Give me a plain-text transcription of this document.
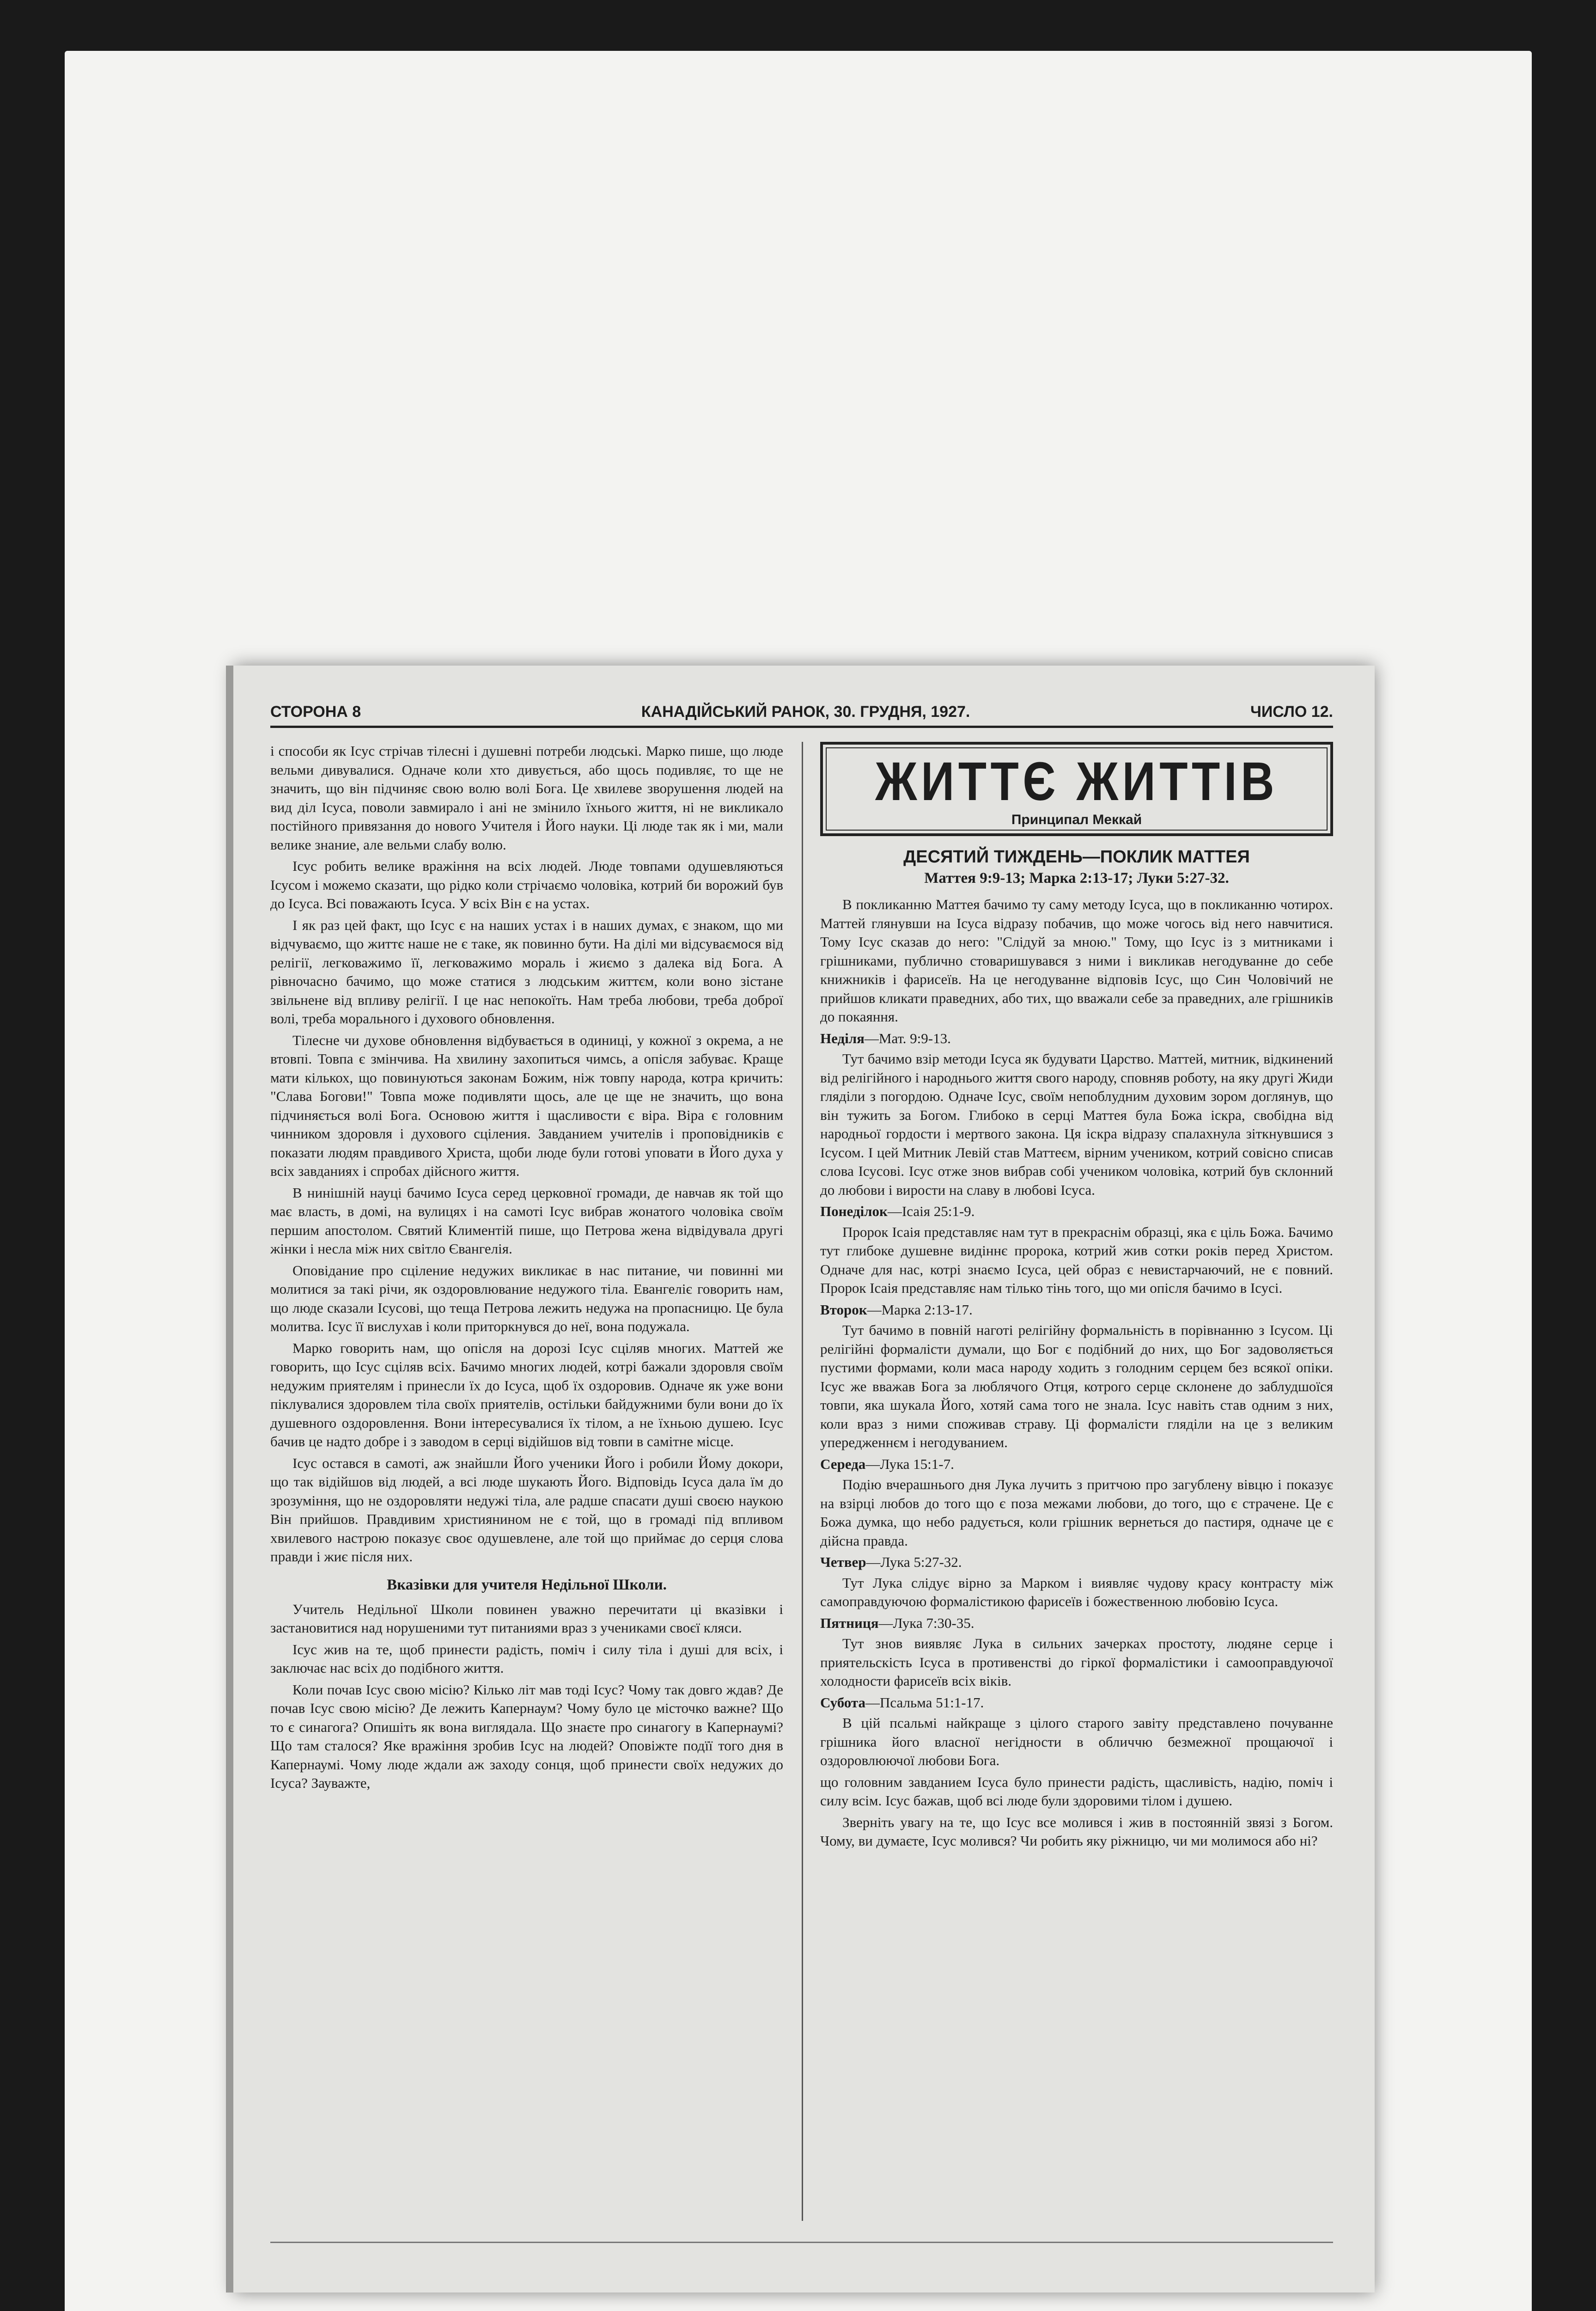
СТОРОНА 8	КАНАДІЙСЬКИЙ РАНОК, 30. ГРУДНЯ, 1927.	ЧИСЛО 12.

і способи як Ісус стрічав тілесні і душевні потреби людські. Марко пише, що люде вельми дивувалися. Одначе коли хто дивується, або щось подивляє, то ще не значить, що він підчиняє свою волю волі Бога. Це хвилеве зворушення людей на вид діл Ісуса, поволи завмирало і ані не змінило їхнього життя, ні не викликало постійного привязання до нового Учителя і Його науки. Ці люде так як і ми, мали велике знание, але вельми слабу волю.

Ісус робить велике вражіння на всіх людей. Люде товпами одушевляються Ісусом і можемо сказати, що рідко коли стрічаємо чоловіка, котрий би ворожий був до Ісуса. Всі поважають Ісуса. У всіх Він є на устах.

І як раз цей факт, що Ісус є на наших устах і в наших думах, є знаком, що ми відчуваємо, що життє наше не є таке, як повинно бути. На ділі ми відсуваємося від релігії, легковажимо її, легковажимо мораль і жиємо з далека від Бога. А рівночасно бачимо, що може статися з людським життєм, коли воно зістане звільнене від впливу релігії. І це нас непокоїть. Нам треба любови, треба доброї волі, треба морального і духового обновлення.

Тілесне чи духове обновлення відбувається в одиниці, у кожної з окрема, а не втовпі. Товпа є змінчива. На хвилину захопиться чимсь, а опісля забуває. Краще мати кількох, що повинуються законам Божим, ніж товпу народа, котра кричить: "Слава Богови!" Товпа може подивляти щось, але це ще не значить, що вона підчиняється волі Бога. Основою життя і щасливости є віра. Віра є головним чинником здоровля і духового сціления. Завданием учителів і проповідників є показати людям правдивого Христа, щоби люде були готові уповати в Його духа у всіх завданиях і спробах дійсного життя.

В нинішній науці бачимо Ісуса серед церковної громади, де навчав як той що має власть, в домі, на вулицях і на самоті Ісус вибрав жонатого чоловіка своїм першим апостолом. Святий Климентій пише, що Петрова жена відвідувала другі жінки і несла між них світло Євангелія.

Оповідание про сціление недужих викликає в нас питание, чи повинні ми молитися за такі річи, як оздоровлювание недужого тіла. Евангеліє говорить нам, що люде сказали Ісусові, що теща Петрова лежить недужа на пропасницю. Це була молитва. Ісус її вислухав і коли приторкнувся до неї, вона подужала.

Марко говорить нам, що опісля на дорозі Ісус сціляв многих. Маттей же говорить, що Ісус сціляв всіх. Бачимо многих людей, котрі бажали здоровля своїм недужим приятелям і принесли їх до Ісуса, щоб їх оздоровив. Одначе як уже вони піклувалися здоровлем тіла своїх приятелів, остільки байдужними були вони до їх душевного оздоровлення. Вони інтересувалися їх тілом, а не їхньою душею. Ісус бачив це надто добре і з заводом в серці відійшов від товпи в самітне місце.

Ісус остався в самоті, аж знайшли Його ученики Його і робили Йому докори, що так відійшов від людей, а всі люде шукають Його. Відповідь Ісуса дала їм до зрозуміння, що не оздоровляти недужі тіла, але радше спасати душі своєю наукою Він прийшов. Правдивим християнином не є той, що в громаді під впливом хвилевого настрою показує своє одушевлене, але той що приймає до серця слова правди і жиє після них.

Вказівки для учителя Недільної Школи.

Учитель Недільної Школи повинен уважно перечитати ці вказівки і застановитися над норушеними тут питаниями враз з учениками своєї кляси.

Ісус жив на те, щоб принести радість, поміч і силу тіла і душі для всіх, і заключає нас всіх до подібного життя.

Коли почав Ісус свою місію? Кілько літ мав тоді Ісус? Чому так довго ждав? Де почав Ісус свою місію? Де лежить Капернаум? Чому було це місточко важне? Що то є синагога? Опишіть як вона виглядала. Що знаєте про синагогу в Капернаумі? Що там сталося? Яке вражіння зробив Ісус на людей? Оповіжте подїї того дня в Капернаумі. Чому люде ждали аж заходу сонця, щоб принести своїх недужих до Ісуса? Зауважте,

ЖИТТЄ ЖИТТІВ
Принципал Меккай
ДЕСЯТИЙ ТИЖДЕНЬ—ПОКЛИК МАТТЕЯ
Маттея 9:9-13; Марка 2:13-17; Луки 5:27-32.

В покликанню Маттея бачимо ту саму методу Ісуса, що в покликанню чотирох. Маттей глянувши на Ісуса відразу побачив, що може чогось від него навчитися. Тому Ісус сказав до него: "Слідуй за мною." Тому, що Ісус із з митниками і грішниками, публично стоваришувався з ними і викликав негодуванне до себе книжників і фарисеїв. На це негодуванне відповів Ісус, що Син Чоловічий не прийшов кликати праведних, або тих, що вважали себе за праведних, але грішників до покаяння.

Неділя—Мат. 9:9-13.

Тут бачимо взір методи Ісуса як будувати Царство. Маттей, митник, відкинений від релігійного і народнього життя свого народу, сповняв роботу, на яку другі Жиди гляділи з погордою. Одначе Ісус, своїм непоблудним духовим зором доглянув, що він тужить за Богом. Глибоко в серці Маттея була Божа іскра, свобідна від народньої гордости і мертвого закона. Ця іскра відразу спалахнула зіткнувшися з Ісусом. І цей Митник Левій став Маттеєм, вірним учеником, котрий совісно списав слова Ісусові. Ісус отже знов вибрав собі учеником чоловіка, котрий був склонний до любови і вирости на славу в любові Ісуса.

Понеділок—Ісаія 25:1-9.

Пророк Ісаія представляє нам тут в прекраснім образці, яка є ціль Божа. Бачимо тут глибоке душевне видіннє пророка, котрий жив сотки років перед Христом. Одначе для нас, котрі знаємо Ісуса, цей образ є невистарчаючий, не є повний. Пророк Ісаія представляє нам тілько тінь того, що ми опісля бачимо в Ісусі.

Второк—Марка 2:13-17.

Тут бачимо в повній наготі релігійну формальність в порівнанню з Ісусом. Ці релігійні формалісти думали, що Бог є подібний до них, що Бог задоволяється пустими формами, коли маса народу ходить з голодним серцем без всякої опіки. Ісус же вважав Бога за люблячого Отця, котрого серце склонене до заблудшоїся товпи, яка шукала Його, хотяй сама того не знала. Ісус навіть став одним з них, коли враз з ними споживав страву. Ці формалісти гляділи на це з великим упередженнєм і негодуванием.

Середа—Лука 15:1-7.

Подію вчерашнього дня Лука лучить з притчою про загублену вівцю і показує на взірці любов до того що є поза межами любови, до того, що є страчене. Це є Божа думка, що небо радується, коли грішник вернеться до пастиря, одначе це є дійсна правда.

Четвер—Лука 5:27-32.

Тут Лука слідує вірно за Марком і виявляє чудову красу контрасту між самоправдуючою формалістикою фарисеїв і божественною любовію Ісуса.

Пятниця—Лука 7:30-35.

Тут знов виявляє Лука в сильних зачерках простоту, людяне серце і приятельскість Ісуса в противенстві до гіркої формалістики і самооправдуючої холодности фарисеїв всіх віків.

Субота—Псальма 51:1-17.

В цій псальмі найкраще з цілого старого завіту представлено почуванне грішника його власної негідности в обличчю безмежної прощаючої і оздоровлюючої любови Бога.

що головним завданием Ісуса було принести радість, щасливість, надію, поміч і силу всім. Ісус бажав, щоб всі люде були здоровими тілом і душею.

Зверніть увагу на те, що Ісус все молився і жив в постоянній звязі з Богом. Чому, ви думаєте, Ісус молився? Чи робить яку ріжницю, чи ми молимося або ні?
